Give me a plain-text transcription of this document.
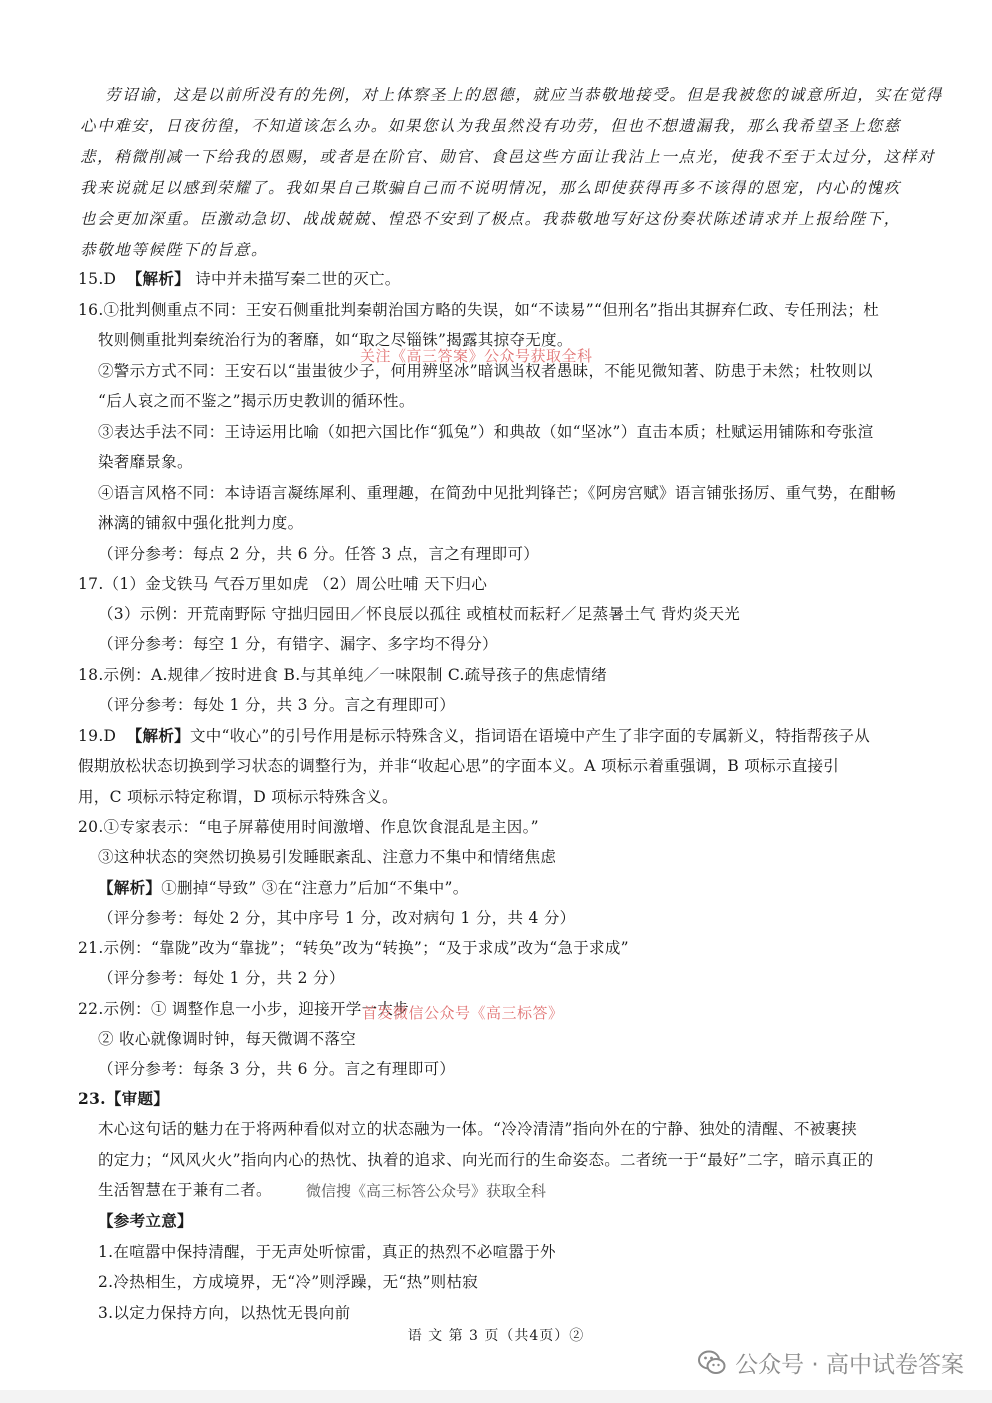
劳诏谕，这是以前所没有的先例，对上体察圣上的恩德，就应当恭敬地接受。但是我被您的诚意所迫，实在觉得
心中难安，日夜彷徨，不知道该怎么办。如果您认为我虽然没有功劳，但也不想遗漏我，那么我希望圣上您慈
悲，稍微削减一下给我的恩赐，或者是在阶官、勋官、食邑这些方面让我沾上一点光，使我不至于太过分，这样对
我来说就足以感到荣耀了。我如果自己欺骗自己而不说明情况，那么即使获得再多不该得的恩宠，内心的愧疚
也会更加深重。臣激动急切、战战兢兢、惶恐不安到了极点。我恭敬地写好这份奏状陈述请求并上报给陛下，
恭敬地等候陛下的旨意。
15.D 【解析】 诗中并未描写秦二世的灭亡。
16.①批判侧重点不同：王安石侧重批判秦朝治国方略的失误，如“不读易”“但刑名”指出其摒弃仁政、专任刑法；杜
牧则侧重批判秦统治行为的奢靡，如“取之尽锱铢”揭露其掠夺无度。
②警示方式不同：王安石以“蚩蚩彼少子，何用辨坚冰”暗讽当权者愚昧，不能见微知著、防患于未然；杜牧则以
“后人哀之而不鉴之”揭示历史教训的循环性。
③表达手法不同：王诗运用比喻（如把六国比作“狐兔”）和典故（如“坚冰”）直击本质；杜赋运用铺陈和夸张渲
染奢靡景象。
④语言风格不同：本诗语言凝练犀利、重理趣，在简劲中见批判锋芒；《阿房宫赋》语言铺张扬厉、重气势，在酣畅
淋漓的铺叙中强化批判力度。
（评分参考：每点 2 分，共 6 分。任答 3 点，言之有理即可）
17.（1）金戈铁马 气吞万里如虎 （2）周公吐哺 天下归心
（3）示例：开荒南野际 守拙归园田／怀良辰以孤往 或植杖而耘耔／足蒸暑土气 背灼炎天光
（评分参考：每空 1 分，有错字、漏字、多字均不得分）
18.示例：A.规律／按时进食 B.与其单纯／一味限制 C.疏导孩子的焦虑情绪
（评分参考：每处 1 分，共 3 分。言之有理即可）
19.D 【解析】文中“收心”的引号作用是标示特殊含义，指词语在语境中产生了非字面的专属新义，特指帮孩子从
假期放松状态切换到学习状态的调整行为，并非“收起心思”的字面本义。A 项标示着重强调，B 项标示直接引
用，C 项标示特定称谓，D 项标示特殊含义。
20.①专家表示：“电子屏幕使用时间激增、作息饮食混乱是主因。”
③这种状态的突然切换易引发睡眠紊乱、注意力不集中和情绪焦虑
【解析】①删掉“导致” ③在“注意力”后加“不集中”。
（评分参考：每处 2 分，其中序号 1 分，改对病句 1 分，共 4 分）
21.示例：“靠陇”改为“靠拢”；“转奂”改为“转换”；“及于求成”改为“急于求成”
（评分参考：每处 1 分，共 2 分）
22.示例：① 调整作息一小步，迎接开学一大步
② 收心就像调时钟，每天微调不落空
（评分参考：每条 3 分，共 6 分。言之有理即可）
23.【审题】
木心这句话的魅力在于将两种看似对立的状态融为一体。“冷冷清清”指向外在的宁静、独处的清醒、不被裹挟
的定力；“风风火火”指向内心的热忱、执着的追求、向光而行的生命姿态。二者统一于“最好”二字，暗示真正的
生活智慧在于兼有二者。
【参考立意】
1.在喧嚣中保持清醒，于无声处听惊雷，真正的热烈不必喧嚣于外
2.冷热相生，方成境界，无“冷”则浮躁，无“热”则枯寂
3.以定力保持方向，以热忱无畏向前
关注《高三答案》公众号获取全科
首发微信公众号《高三标答》
微信搜《高三标答公众号》获取全科
语 文 第 3 页（共4页）②
公众号 · 高中试卷答案
